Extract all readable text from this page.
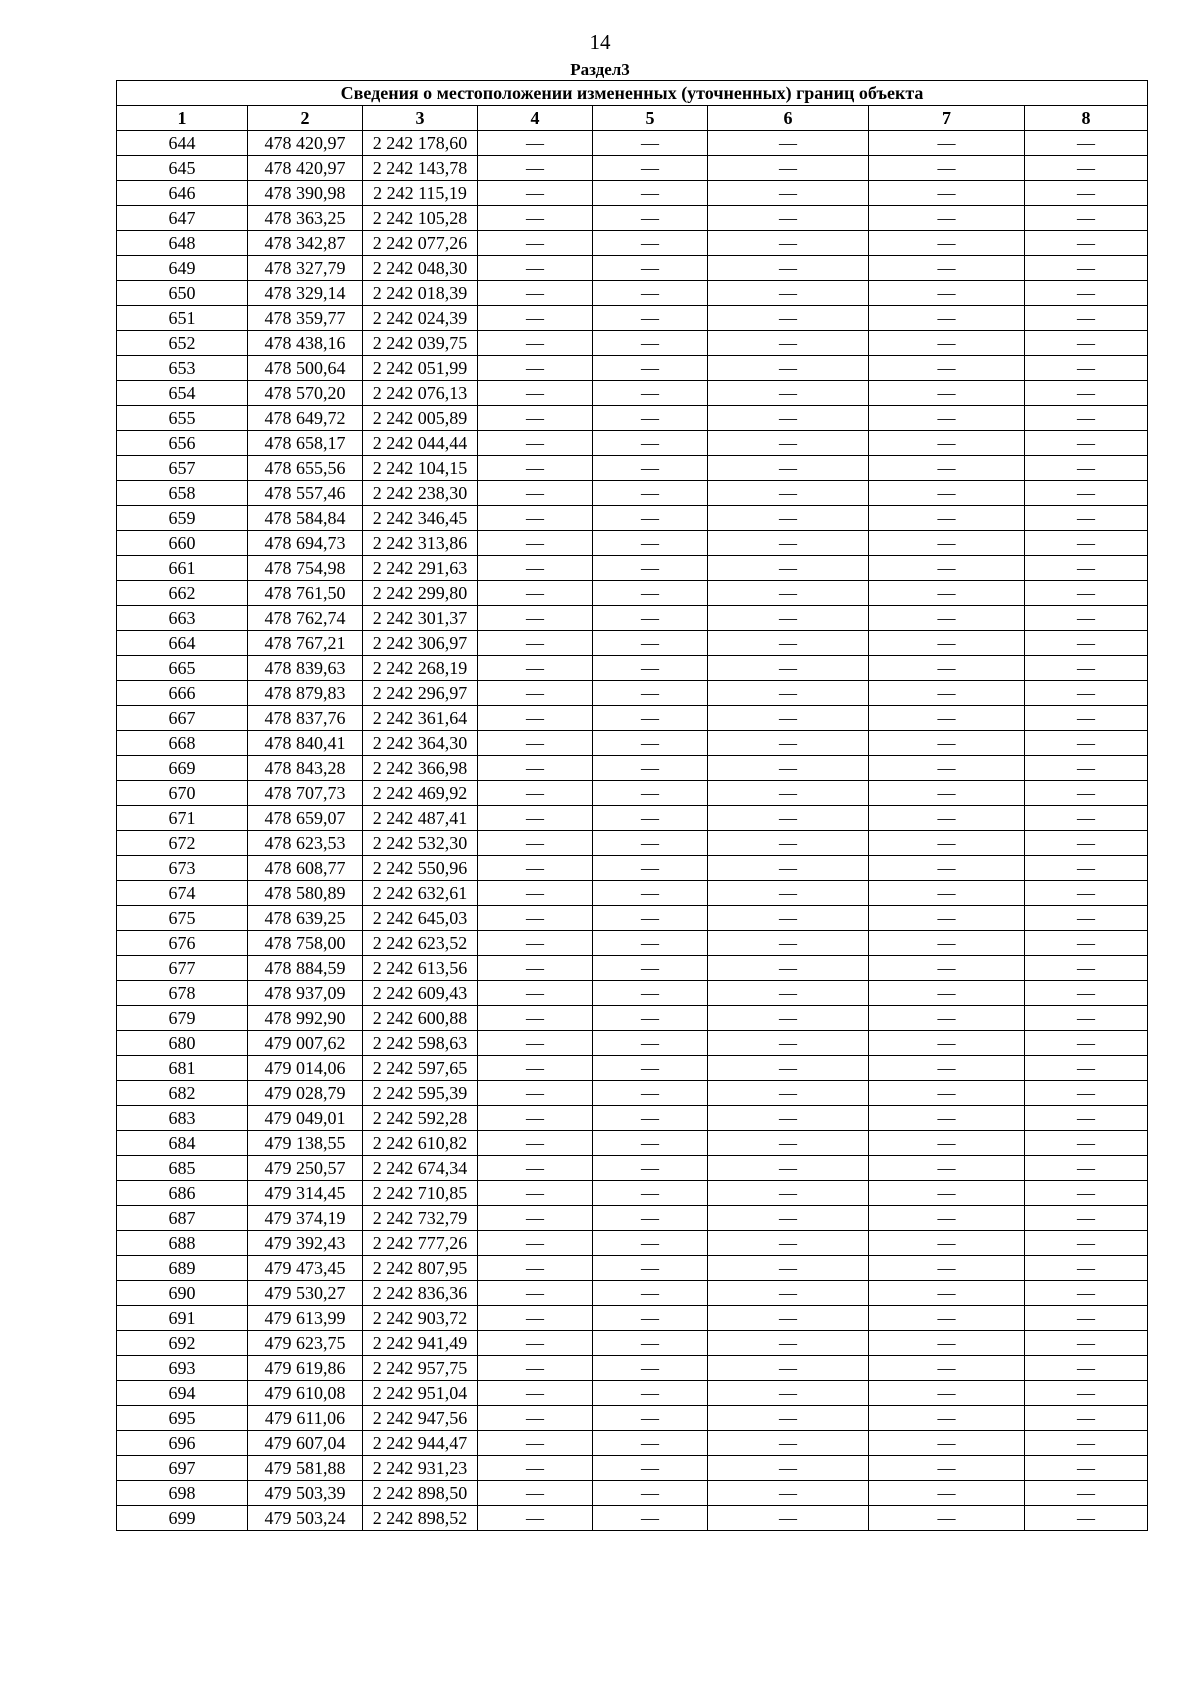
14
Раздел3
Сведения о местоположении измененных (уточненных) границ объекта							
1	2	3	4	5	6	7	8
644	478 420,97	2 242 178,60	—	—	—	—	—
645	478 420,97	2 242 143,78	—	—	—	—	—
646	478 390,98	2 242 115,19	—	—	—	—	—
647	478 363,25	2 242 105,28	—	—	—	—	—
648	478 342,87	2 242 077,26	—	—	—	—	—
649	478 327,79	2 242 048,30	—	—	—	—	—
650	478 329,14	2 242 018,39	—	—	—	—	—
651	478 359,77	2 242 024,39	—	—	—	—	—
652	478 438,16	2 242 039,75	—	—	—	—	—
653	478 500,64	2 242 051,99	—	—	—	—	—
654	478 570,20	2 242 076,13	—	—	—	—	—
655	478 649,72	2 242 005,89	—	—	—	—	—
656	478 658,17	2 242 044,44	—	—	—	—	—
657	478 655,56	2 242 104,15	—	—	—	—	—
658	478 557,46	2 242 238,30	—	—	—	—	—
659	478 584,84	2 242 346,45	—	—	—	—	—
660	478 694,73	2 242 313,86	—	—	—	—	—
661	478 754,98	2 242 291,63	—	—	—	—	—
662	478 761,50	2 242 299,80	—	—	—	—	—
663	478 762,74	2 242 301,37	—	—	—	—	—
664	478 767,21	2 242 306,97	—	—	—	—	—
665	478 839,63	2 242 268,19	—	—	—	—	—
666	478 879,83	2 242 296,97	—	—	—	—	—
667	478 837,76	2 242 361,64	—	—	—	—	—
668	478 840,41	2 242 364,30	—	—	—	—	—
669	478 843,28	2 242 366,98	—	—	—	—	—
670	478 707,73	2 242 469,92	—	—	—	—	—
671	478 659,07	2 242 487,41	—	—	—	—	—
672	478 623,53	2 242 532,30	—	—	—	—	—
673	478 608,77	2 242 550,96	—	—	—	—	—
674	478 580,89	2 242 632,61	—	—	—	—	—
675	478 639,25	2 242 645,03	—	—	—	—	—
676	478 758,00	2 242 623,52	—	—	—	—	—
677	478 884,59	2 242 613,56	—	—	—	—	—
678	478 937,09	2 242 609,43	—	—	—	—	—
679	478 992,90	2 242 600,88	—	—	—	—	—
680	479 007,62	2 242 598,63	—	—	—	—	—
681	479 014,06	2 242 597,65	—	—	—	—	—
682	479 028,79	2 242 595,39	—	—	—	—	—
683	479 049,01	2 242 592,28	—	—	—	—	—
684	479 138,55	2 242 610,82	—	—	—	—	—
685	479 250,57	2 242 674,34	—	—	—	—	—
686	479 314,45	2 242 710,85	—	—	—	—	—
687	479 374,19	2 242 732,79	—	—	—	—	—
688	479 392,43	2 242 777,26	—	—	—	—	—
689	479 473,45	2 242 807,95	—	—	—	—	—
690	479 530,27	2 242 836,36	—	—	—	—	—
691	479 613,99	2 242 903,72	—	—	—	—	—
692	479 623,75	2 242 941,49	—	—	—	—	—
693	479 619,86	2 242 957,75	—	—	—	—	—
694	479 610,08	2 242 951,04	—	—	—	—	—
695	479 611,06	2 242 947,56	—	—	—	—	—
696	479 607,04	2 242 944,47	—	—	—	—	—
697	479 581,88	2 242 931,23	—	—	—	—	—
698	479 503,39	2 242 898,50	—	—	—	—	—
699	479 503,24	2 242 898,52	—	—	—	—	—
